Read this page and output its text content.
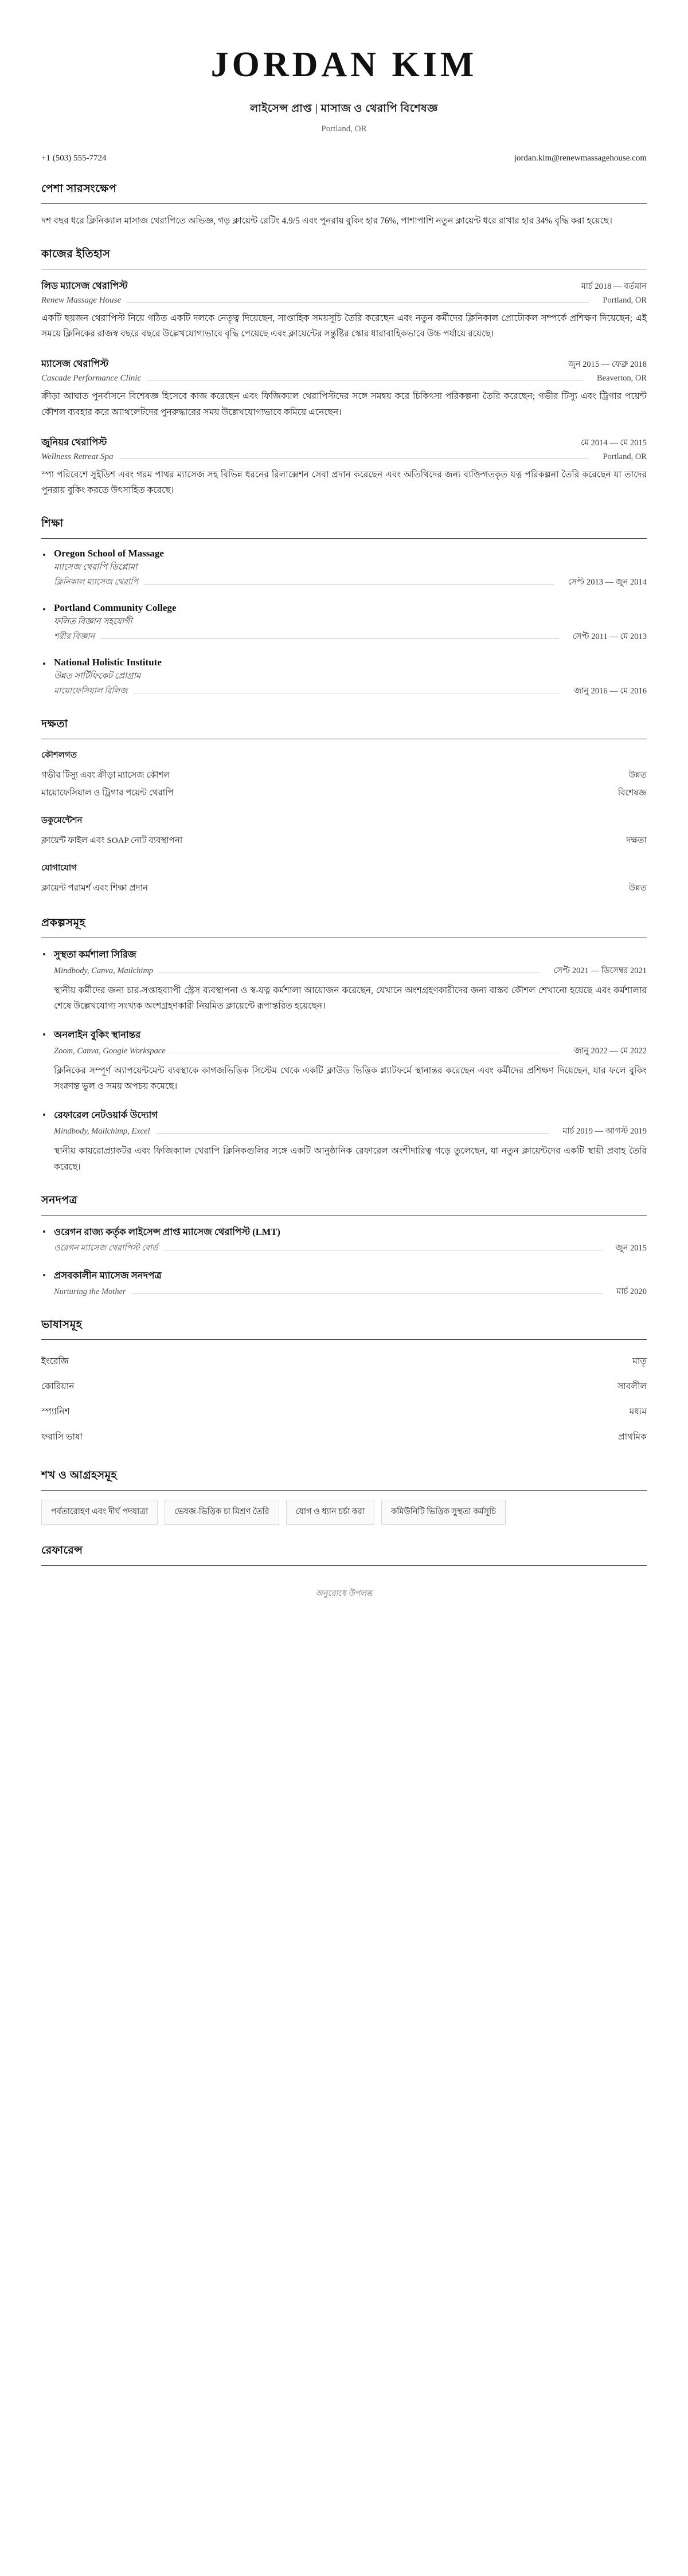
JORDAN KIM
লাইসেন্স প্রাপ্ত | মাসাজ ও থেরাপি বিশেষজ্ঞ
Portland, OR
+1 (503) 555-7724	jordan.kim@renewmassagehouse.com
পেশা সারসংক্ষেপ
দশ বছর ধরে ক্লিনিক্যাল মাসাজ থেরাপিতে অভিজ্ঞ, গড় ক্লায়েন্ট রেটিং 4.9/5 এবং পুনরায় বুকিং হার 76%, পাশাপাশি নতুন ক্লায়েন্ট ধরে রাখার হার 34% বৃদ্ধি করা হয়েছে।
কাজের ইতিহাস
লিড ম্যাসেজ থেরাপিস্ট	মার্চ 2018 — বর্তমান
Renew Massage House	Portland, OR
একটি ছয়জন থেরাপিস্ট নিয়ে গঠিত একটি দলকে নেতৃত্ব দিয়েছেন, সাপ্তাহিক সময়সূচি তৈরি করেছেন এবং নতুন কর্মীদের ক্লিনিকাল প্রোটোকল সম্পর্কে প্রশিক্ষণ দিয়েছেন; এই সময়ে ক্লিনিকের রাজস্ব বছরে বছরে উল্লেখযোগ্যভাবে বৃদ্ধি পেয়েছে এবং ক্লায়েন্টের সন্তুষ্টির স্কোর ধারাবাহিকভাবে উচ্চ পর্যায়ে রয়েছে।
ম্যাসেজ থেরাপিস্ট	জুন 2015 — ফেব্রু 2018
Cascade Performance Clinic	Beaverton, OR
ক্রীড়া আঘাত পুনর্বাসনে বিশেষজ্ঞ হিসেবে কাজ করেছেন এবং ফিজিক্যাল থেরাপিস্টদের সঙ্গে সমন্বয় করে চিকিৎসা পরিকল্পনা তৈরি করেছেন; গভীর টিস্যু এবং ট্রিগার পয়েন্ট কৌশল ব্যবহার করে অ্যাথলেটদের পুনরুদ্ধারের সময় উল্লেখযোগ্যভাবে কমিয়ে এনেছেন।
জুনিয়র থেরাপিস্ট	মে 2014 — মে 2015
Wellness Retreat Spa	Portland, OR
স্পা পরিবেশে সুইডিশ এবং গরম পাথর ম্যাসেজ সহ বিভিন্ন ধরনের রিলাক্সেশন সেবা প্রদান করেছেন এবং অতিথিদের জন্য ব্যক্তিগতকৃত যত্ন পরিকল্পনা তৈরি করেছেন যা তাদের পুনরায় বুকিং করতে উৎসাহিত করেছে।
শিক্ষা
• Oregon School of Massage
ম্যাসেজ থেরাপি ডিপ্লোমা
ক্লিনিকাল ম্যাসেজ থেরাপি	সেপ্ট 2013 — জুন 2014
• Portland Community College
ফলিত বিজ্ঞান সহযোগী
শরীর বিজ্ঞান	সেপ্ট 2011 — মে 2013
• National Holistic Institute
উন্নত সার্টিফিকেট প্রোগ্রাম
মায়োফেসিয়াল রিলিজ	জানু 2016 — মে 2016
দক্ষতা
কৌশলগত
গভীর টিস্যু এবং ক্রীড়া ম্যাসেজ কৌশল	উন্নত
মায়োফেসিয়াল ও ট্রিগার পয়েন্ট থেরাপি	বিশেষজ্ঞ
ডকুমেন্টেশন
ক্লায়েন্ট ফাইল এবং SOAP নোট ব্যবস্থাপনা	দক্ষতা
যোগাযোগ
ক্লায়েন্ট পরামর্শ এবং শিক্ষা প্রদান	উন্নত
প্রকল্পসমূহ
• সুস্থতা কর্মশালা সিরিজ
Mindbody, Canva, Mailchimp	সেপ্ট 2021 — ডিসেম্বর 2021
স্থানীয় কর্মীদের জন্য চার-সপ্তাহব্যাপী স্ট্রেস ব্যবস্থাপনা ও স্ব-যত্ন কর্মশালা আয়োজন করেছেন, যেখানে অংশগ্রহণকারীদের জন্য বাস্তব কৌশল শেখানো হয়েছে এবং কর্মশালার শেষে উল্লেখযোগ্য সংখ্যক অংশগ্রহণকারী নিয়মিত ক্লায়েন্টে রূপান্তরিত হয়েছেন।
• অনলাইন বুকিং স্থানান্তর
Zoom, Canva, Google Workspace	জানু 2022 — মে 2022
ক্লিনিকের সম্পূর্ণ অ্যাপয়েন্টমেন্ট ব্যবস্থাকে কাগজভিত্তিক সিস্টেম থেকে একটি ক্লাউড ভিত্তিক প্ল্যাটফর্মে স্থানান্তর করেছেন এবং কর্মীদের প্রশিক্ষণ দিয়েছেন, যার ফলে বুকিং সংক্রান্ত ভুল ও সময় অপচয় কমেছে।
• রেফারেল নেটওয়ার্ক উদ্যোগ
Mindbody, Mailchimp, Excel	মার্চ 2019 — আগস্ট 2019
স্থানীয় কায়রোপ্র্যাকটর এবং ফিজিক্যাল থেরাপি ক্লিনিকগুলির সঙ্গে একটি আনুষ্ঠানিক রেফারেল অংশীদারিত্ব গড়ে তুলেছেন, যা নতুন ক্লায়েন্টদের একটি স্থায়ী প্রবাহ তৈরি করেছে।
সনদপত্র
• ওরেগন রাজ্য কর্তৃক লাইসেন্স প্রাপ্ত ম্যাসেজ থেরাপিস্ট (LMT)
ওরেগন ম্যাসেজ থেরাপিস্ট বোর্ড	জুন 2015
• প্রসবকালীন ম্যাসেজ সনদপত্র
Nurturing the Mother	মার্চ 2020
ভাষাসমূহ
ইংরেজি	মাতৃ
কোরিয়ান	সাবলীল
স্প্যানিশ	মধ্যম
ফরাসি ভাষা	প্রাথমিক
শখ ও আগ্রহসমূহ
পর্বতারোহণ এবং দীর্ঘ পদযাত্রা	ভেষজ-ভিত্তিক চা মিশ্রণ তৈরি	যোগ ও ধ্যান চর্চা করা	কমিউনিটি ভিত্তিক সুস্থতা কর্মসূচি
রেফারেন্স
অনুরোধে উপলব্ধ
